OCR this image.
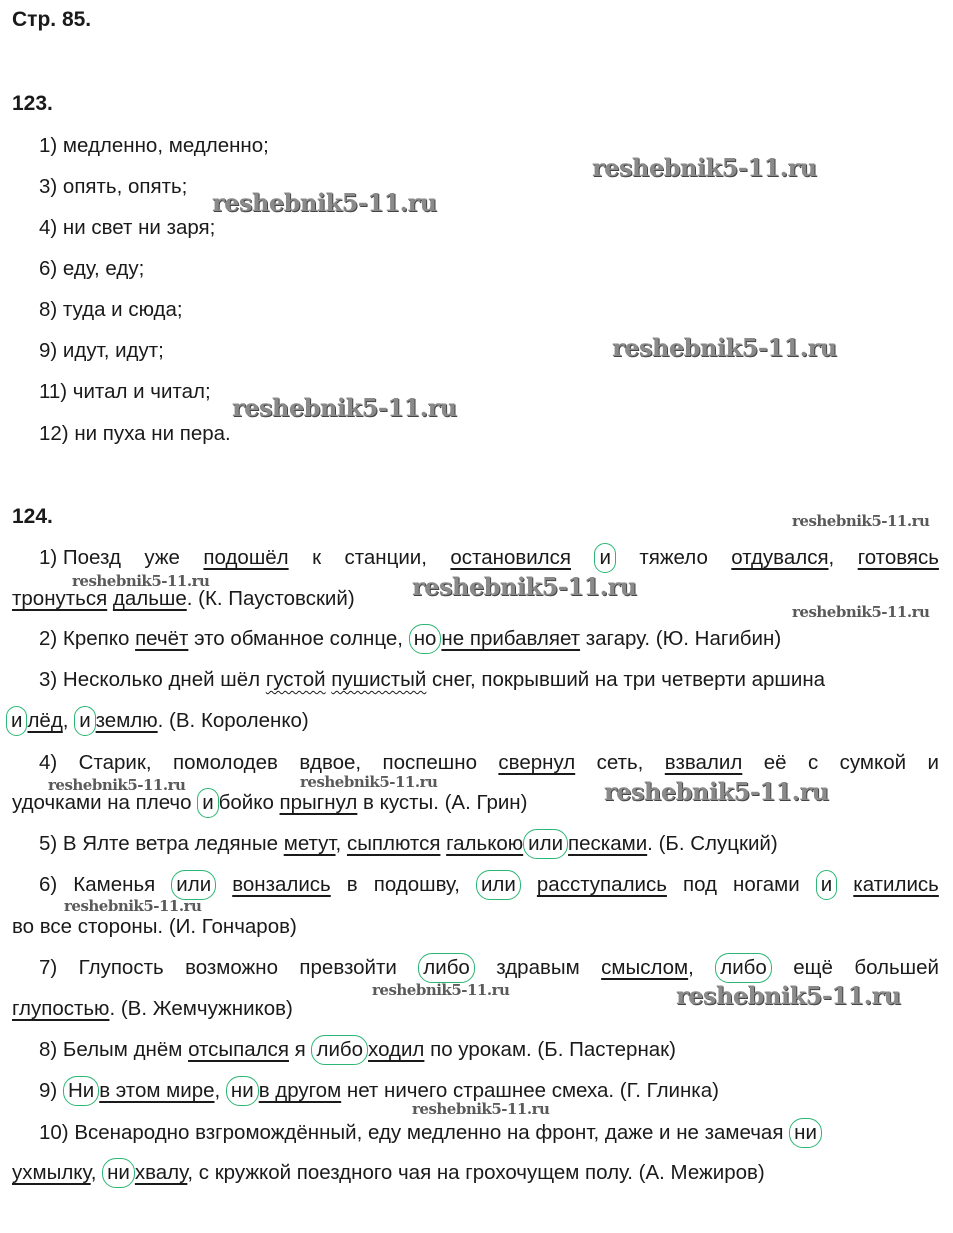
Стр. 85.
123.
1) медленно, медленно;
3) опять, опять;
4) ни свет ни заря;
6) еду, еду;
8) туда и сюда;
9) идут, идут;
11) читал и читал;
12) ни пуха ни пера.
124.
1) Поезд уже подошёл к станции, остановился и тяжело отдувался, готовясь
тронуться дальше. (К. Паустовский)
2) Крепко печёт это обманное солнце, но не прибавляет загару. (Ю. Нагибин)
3) Несколько дней шёл густой пушистый снег, покрывший на три четверти аршина
и лёд, и землю. (В. Короленко)
4) Старик, помолодев вдвое, поспешно свернул сеть, взвалил её с сумкой и
удочками на плечо и бойко прыгнул в кусты. (А. Грин)
5) В Ялте ветра ледяные метут, сыплются галькою или песками. (Б. Слуцкий)
6) Каменья или вонзались в подошву, или расступались под ногами и катились
во все стороны. (И. Гончаров)
7) Глупость возможно превзойти либо здравым смыслом, либо ещё большей
глупостью. (В. Жемчужников)
8) Белым днём отсыпался я либо ходил по урокам. (Б. Пастернак)
9) Ни в этом мире, ни в другом нет ничего страшнее смеха. (Г. Глинка)
10) Всенародно взгромождённый, еду медленно на фронт, даже и не замечая ни
ухмылку, ни хвалу, с кружкой поездного чая на грохочущем полу. (А. Межиров)
reshebnik5-11.ru
reshebnik5-11.ru
reshebnik5-11.ru
reshebnik5-11.ru
reshebnik5-11.ru
reshebnik5-11.ru	reshebnik5-11.ru
reshebnik5-11.ru
reshebnik5-11.ru	reshebnik5-11.ru	reshebnik5-11.ru
reshebnik5-11.ru
reshebnik5-11.ru	reshebnik5-11.ru
reshebnik5-11.ru
